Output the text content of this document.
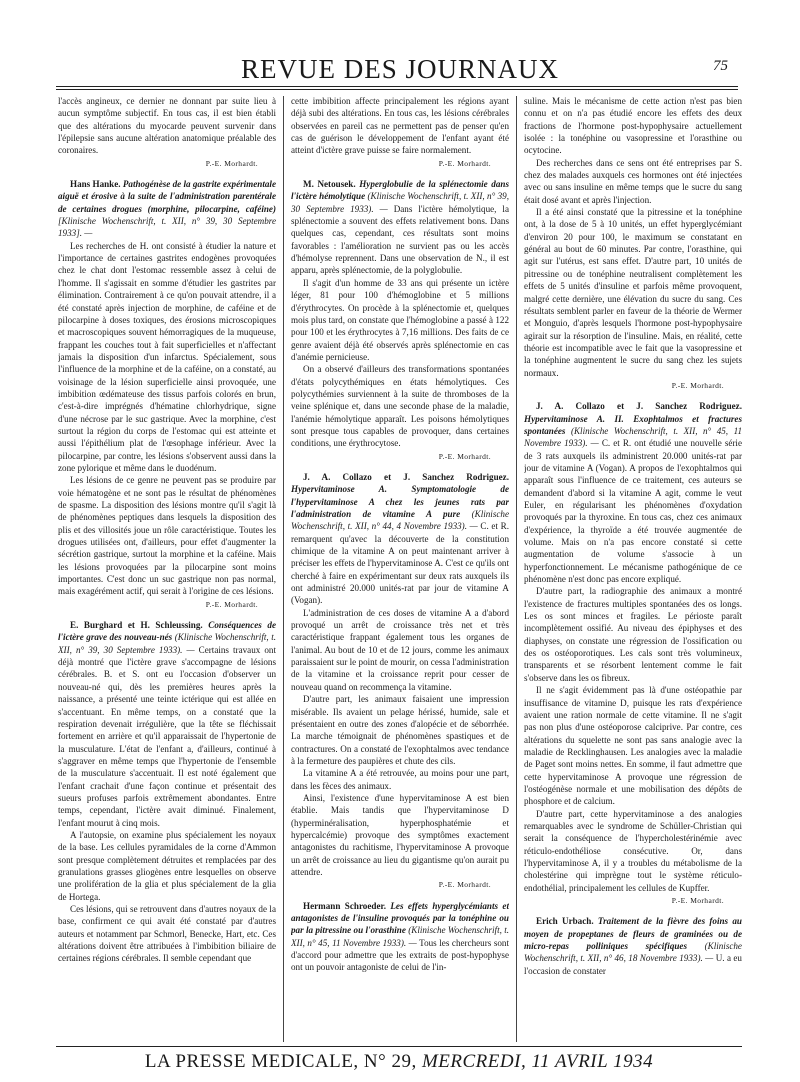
REVUE DES JOURNAUX	75

l'accès angineux, ce dernier ne donnant par suite lieu à aucun symptôme subjectif. En tous cas, il est bien établi que des altérations du myocarde peuvent survenir dans l'épilepsie sans aucune altération anatomique préalable des coronaires.

P.-E. Morhardt.

Hans Hanke. Pathogénèse de la gastrite expérimentale aiguë et érosive à la suite de l'administration parentérale de certaines drogues (morphine, pilocarpine, caféine) [Klinische Wochenschrift, t. XII, n° 39, 30 Septembre 1933]. —

Les recherches de H. ont consisté à étudier la nature et l'importance de certaines gastrites endogènes provoquées chez le chat dont l'estomac ressemble assez à celui de l'homme. Il s'agissait en somme d'étudier les gastrites par élimination. Contrairement à ce qu'on pouvait attendre, il a été constaté après injection de morphine, de caféine et de pilocarpine à doses toxiques, des érosions microscopiques et macroscopiques souvent hémorragiques de la muqueuse, frappant les couches tout à fait superficielles et n'affectant jamais la disposition d'un infarctus. Spécialement, sous l'influence de la morphine et de la caféine, on a constaté, au voisinage de la lésion superficielle ainsi provoquée, une imbibition œdémateuse des tissus parfois colorés en brun, c'est-à-dire imprégnés d'hématine chlorhydrique, signe d'une nécrose par le suc gastrique. Avec la morphine, c'est surtout la région du corps de l'estomac qui est atteinte et aussi l'épithélium plat de l'œsophage inférieur. Avec la pilocarpine, par contre, les lésions s'observent aussi dans la zone pylorique et même dans le duodénum.

Les lésions de ce genre ne peuvent pas se produire par voie hématogène et ne sont pas le résultat de phénomènes de spasme. La disposition des lésions montre qu'il s'agit là de phénomènes peptiques dans lesquels la disposition des plis et des villosités joue un rôle caractéristique. Toutes les drogues utilisées ont, d'ailleurs, pour effet d'augmenter la sécrétion gastrique, surtout la morphine et la caféine. Mais les lésions provoquées par la pilocarpine sont moins importantes. C'est donc un suc gastrique non pas normal, mais exagérément actif, qui serait à l'origine de ces lésions.

P.-E. Morhardt.

E. Burghard et H. Schleussing. Conséquences de l'ictère grave des nouveau-nés (Klinische Wochenschrift, t. XII, n° 39, 30 Septembre 1933). — Certains travaux ont déjà montré que l'ictère grave s'accompagne de lésions cérébrales. B. et S. ont eu l'occasion d'observer un nouveau-né qui, dès les premières heures après la naissance, a présenté une teinte ictérique qui est allée en s'accentuant. En même temps, on a constaté que la respiration devenait irrégulière, que la tête se fléchissait fortement en arrière et qu'il apparaissait de l'hypertonie de la musculature. L'état de l'enfant a, d'ailleurs, continué à s'aggraver en même temps que l'hypertonie de l'ensemble de la musculature s'accentuait. Il est noté également que l'enfant crachait d'une façon continue et présentait des sueurs profuses parfois extrêmement abondantes. Entre temps, cependant, l'ictère avait diminué. Finalement, l'enfant mourut à cinq mois.

A l'autopsie, on examine plus spécialement les noyaux de la base. Les cellules pyramidales de la corne d'Ammon sont presque complètement détruites et remplacées par des granulations grasses gliogènes entre lesquelles on observe une prolifération de la glia et plus spécialement de la glia de Hortega.

Ces lésions, qui se retrouvent dans d'autres noyaux de la base, confirment ce qui avait été constaté par d'autres auteurs et notamment par Schmorl, Benecke, Hart, etc. Ces altérations doivent être attribuées à l'imbibition biliaire de certaines régions cérébrales. Il semble cependant que

cette imbibition affecte principalement les régions ayant déjà subi des altérations. En tous cas, les lésions cérébrales observées en pareil cas ne permettent pas de penser qu'en cas de guérison le développement de l'enfant ayant été atteint d'ictère grave puisse se faire normalement.

P.-E. Morhardt.

M. Netousek. Hyperglobulie de la splénectomie dans l'ictère hémolytique (Klinische Wochenschrift, t. XII, n° 39, 30 Septembre 1933). — Dans l'ictère hémolytique, la splénectomie a souvent des effets relativement bons. Dans quelques cas, cependant, ces résultats sont moins favorables : l'amélioration ne survient pas ou les accès d'hémolyse reprennent. Dans une observation de N., il est apparu, après splénectomie, de la polyglobulie.

Il s'agit d'un homme de 33 ans qui présente un ictère léger, 81 pour 100 d'hémoglobine et 5 millions d'érythrocytes. On procède à la splénectomie et, quelques mois plus tard, on constate que l'hémoglobine a passé à 122 pour 100 et les érythrocytes à 7,16 millions. Des faits de ce genre avaient déjà été observés après splénectomie en cas d'anémie pernicieuse.

On a observé d'ailleurs des transformations spontanées d'états polycythémiques en états hémolytiques. Ces polycythémies surviennent à la suite de thromboses de la veine splénique et, dans une seconde phase de la maladie, l'anémie hémolytique apparaît. Les poisons hémolytiques sont presque tous capables de provoquer, dans certaines conditions, une érythrocytose.

P.-E. Morhardt.

J. A. Collazo et J. Sanchez Rodriguez. Hypervitaminose A. Symptomatologie de l'hypervitaminose A chez les jeunes rats par l'administration de vitamine A pure (Klinische Wochenschrift, t. XII, n° 44, 4 Novembre 1933). — C. et R. remarquent qu'avec la découverte de la constitution chimique de la vitamine A on peut maintenant arriver à préciser les effets de l'hypervitaminose A. C'est ce qu'ils ont cherché à faire en expérimentant sur deux rats auxquels ils ont administré 20.000 unités-rat par jour de vitamine A (Vogan).

L'administration de ces doses de vitamine A a d'abord provoqué un arrêt de croissance très net et très caractéristique frappant également tous les organes de l'animal. Au bout de 10 et de 12 jours, comme les animaux paraissaient sur le point de mourir, on cessa l'administration de la vitamine et la croissance reprit pour cesser de nouveau quand on recommença la vitamine.

D'autre part, les animaux faisaient une impression misérable. Ils avaient un pelage hérissé, humide, sale et présentaient en outre des zones d'alopécie et de séborrhée. La marche témoignait de phénomènes spastiques et de contractures. On a constaté de l'exophtalmos avec tendance à la fermeture des paupières et chute des cils.

La vitamine A a été retrouvée, au moins pour une part, dans les fèces des animaux.

Ainsi, l'existence d'une hypervitaminose A est bien établie. Mais tandis que l'hypervitaminose D (hyperminéralisation, hyperphosphatémie et hypercalcémie) provoque des symptômes exactement antagonistes du rachitisme, l'hypervitaminose A provoque un arrêt de croissance au lieu du gigantisme qu'on aurait pu attendre.

P.-E. Morhardt.

Hermann Schroeder. Les effets hyperglycémiants et antagonistes de l'insuline provoqués par la tonéphine ou par la pitressine ou l'orasthine (Klinische Wochenschrift, t. XII, n° 45, 11 Novembre 1933). — Tous les chercheurs sont d'accord pour admettre que les extraits de post-hypophyse ont un pouvoir antagoniste de celui de l'in-

suline. Mais le mécanisme de cette action n'est pas bien connu et on n'a pas étudié encore les effets des deux fractions de l'hormone post-hypophysaire actuellement isolée : la tonéphine ou vasopressine et l'orasthine ou ocytocine.

Des recherches dans ce sens ont été entreprises par S. chez des malades auxquels ces hormones ont été injectées avec ou sans insuline en même temps que le sucre du sang était dosé avant et après l'injection.

Il a été ainsi constaté que la pitressine et la tonéphine ont, à la dose de 5 à 10 unités, un effet hyperglycémiant d'environ 20 pour 100, le maximum se constatant en général au bout de 60 minutes. Par contre, l'orasthine, qui agit sur l'utérus, est sans effet. D'autre part, 10 unités de pitressine ou de tonéphine neutralisent complètement les effets de 5 unités d'insuline et parfois même provoquent, malgré cette dernière, une élévation du sucre du sang. Ces résultats semblent parler en faveur de la théorie de Wermer et Monguio, d'après lesquels l'hormone post-hypophysaire agirait sur la résorption de l'insuline. Mais, en réalité, cette théorie est incompatible avec le fait que la vasopressine et la tonéphine augmentent le sucre du sang chez les sujets normaux.

P.-E. Morhardt.

J. A. Collazo et J. Sanchez Rodriguez. Hypervitaminose A. II. Exophtalmos et fractures spontanées (Klinische Wochenschrift, t. XII, n° 45, 11 Novembre 1933). — C. et R. ont étudié une nouvelle série de 3 rats auxquels ils administrent 20.000 unités-rat par jour de vitamine A (Vogan). A propos de l'exophtalmos qui apparaît sous l'influence de ce traitement, ces auteurs se demandent d'abord si la vitamine A agit, comme le veut Euler, en régularisant les phénomènes d'oxydation provoqués par la thyroxine. En tous cas, chez ces animaux d'expérience, la thyroïde a été trouvée augmentée de volume. Mais on n'a pas encore constaté si cette augmentation de volume s'associe à un hyperfonctionnement. Le mécanisme pathogénique de ce phénomène n'est donc pas encore expliqué.

D'autre part, la radiographie des animaux a montré l'existence de fractures multiples spontanées des os longs. Les os sont minces et fragiles. Le périoste paraît incomplètement ossifié. Au niveau des épiphyses et des diaphyses, on constate une régression de l'ossification ou des os ostéoporotiques. Les cals sont très volumineux, transparents et se résorbent lentement comme le fait s'observe dans les os fibreux.

Il ne s'agit évidemment pas là d'une ostéopathie par insuffisance de vitamine D, puisque les rats d'expérience avaient une ration normale de cette vitamine. Il ne s'agit pas non plus d'une ostéoporose calciprive. Par contre, ces altérations du squelette ne sont pas sans analogie avec la maladie de Recklinghausen. Les analogies avec la maladie de Paget sont moins nettes. En somme, il faut admettre que cette hypervitaminose A provoque une régression de l'ostéogénèse normale et une mobilisation des dépôts de phosphore et de calcium.

D'autre part, cette hypervitaminose a des analogies remarquables avec le syndrome de Schüller-Christian qui serait la conséquence de l'hypercholestérinémie avec réticulo-endothéliose consécutive. Or, dans l'hypervitaminose A, il y a troubles du métabolisme de la cholestérine qui imprègne tout le système réticulo-endothélial, principalement les cellules de Kupffer.

P.-E. Morhardt.

Erich Urbach. Traitement de la fièvre des foins au moyen de propeptanes de fleurs de graminées ou de micro-repas polliniques spécifiques (Klinische Wochenschrift, t. XII, n° 46, 18 Novembre 1933). — U. a eu l'occasion de constater

LA PRESSE MEDICALE, N° 29, MERCREDI, 11 AVRIL 1934
